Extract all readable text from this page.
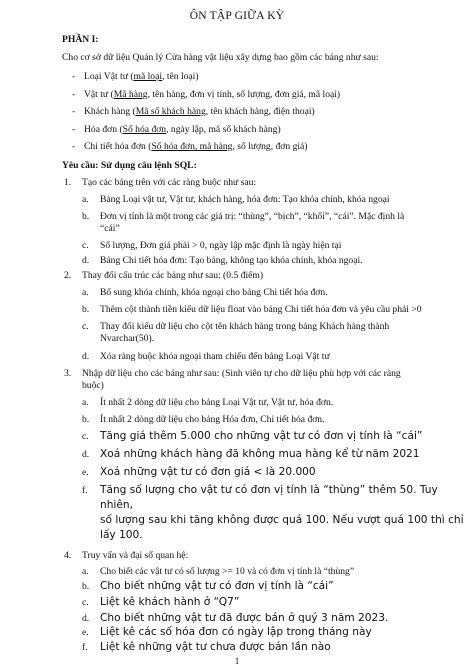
ÔN TẬP GIỮA KỲ
PHẦN I:
Cho cơ sở dữ liệu Quản lý Cửa hàng vật liệu xây dựng bao gồm các bảng như sau:
- Loại Vật tư (mã loại, tên loại)
- Vật tư (Mã hàng, tên hàng, đơn vị tính, số lượng, đơn giá, mã loại)
- Khách hàng (Mã số khách hàng, tên khách hàng, điện thoại)
- Hóa đơn (Số hóa đơn, ngày lập, mã số khách hàng)
- Chi tiết hóa đơn (Số hóa đơn, mã hàng, số lượng, đơn giá)
Yêu cầu: Sử dụng câu lệnh SQL:
1. Tạo các bảng trên với các ràng buộc như sau:
a. Bảng Loại vật tư, Vật tư, khách hàng, hóa đơn: Tạo khóa chính, khóa ngoại
b. Đơn vị tính là một trong các giá trị: “thùng”, “bịch”, “khối”, “cái”. Mặc định là
“cái”
c. Số lượng, Đơn giá phải > 0, ngày lập mặc định là ngày hiện tại
d. Bảng Chi tiết hóa đơn: Tạo bảng, không tạo khóa chính, khóa ngoại.
2. Thay đổi cấu trúc các bảng như sau: (0.5 điểm)
a. Bổ sung khóa chính, khóa ngoại cho bảng Chi tiết hóa đơn.
b. Thêm cột thành tiền kiểu dữ liệu float vào bảng Chi tiết hóa đơn và yêu cầu phải >0
c. Thay đổi kiểu dữ liệu cho cột tên khách hàng trong bảng Khách hàng thành
Nvarchar(50).
d. Xóa ràng buộc khóa ngoại tham chiếu đến bảng Loại Vật tư
3. Nhập dữ liệu cho các bảng như sau: (Sinh viên tự cho dữ liệu phù hợp với các ràng
buộc)
a. Ít nhất 2 dòng dữ liệu cho bảng Loại Vật tư, Vật tư, hóa đơn.
b. Ít nhất 2 dòng dữ liệu cho bảng Hóa đơn, Chi tiết hóa đơn.
c. Tăng giá thêm 5.000 cho những vật tư có đơn vị tính là “cái”
d. Xoá những khách hàng đã không mua hàng kể từ năm 2021
e. Xoá những vật tư có đơn giá < là 20.000
f. Tăng số lượng cho vật tư có đơn vị tính là “thùng” thêm 50. Tuy
nhiên,
số lượng sau khi tăng không được quá 100. Nếu vượt quá 100 thì chỉ
lấy 100.
4. Truy vấn và đại số quan hệ:
a. Cho biết các vật tư có số lượng >= 10 và có đơn vị tính là “thùng”
b. Cho biết những vật tư có đơn vị tính là “cái”
c. Liệt kê khách hành ở “Q7”
d. Cho biết những vật tư đã được bán ở quý 3 năm 2023.
e. Liệt kê các số hóa đơn có ngày lập trong tháng này
f. Liệt kê những vật tư chưa được bán lần nào
1
